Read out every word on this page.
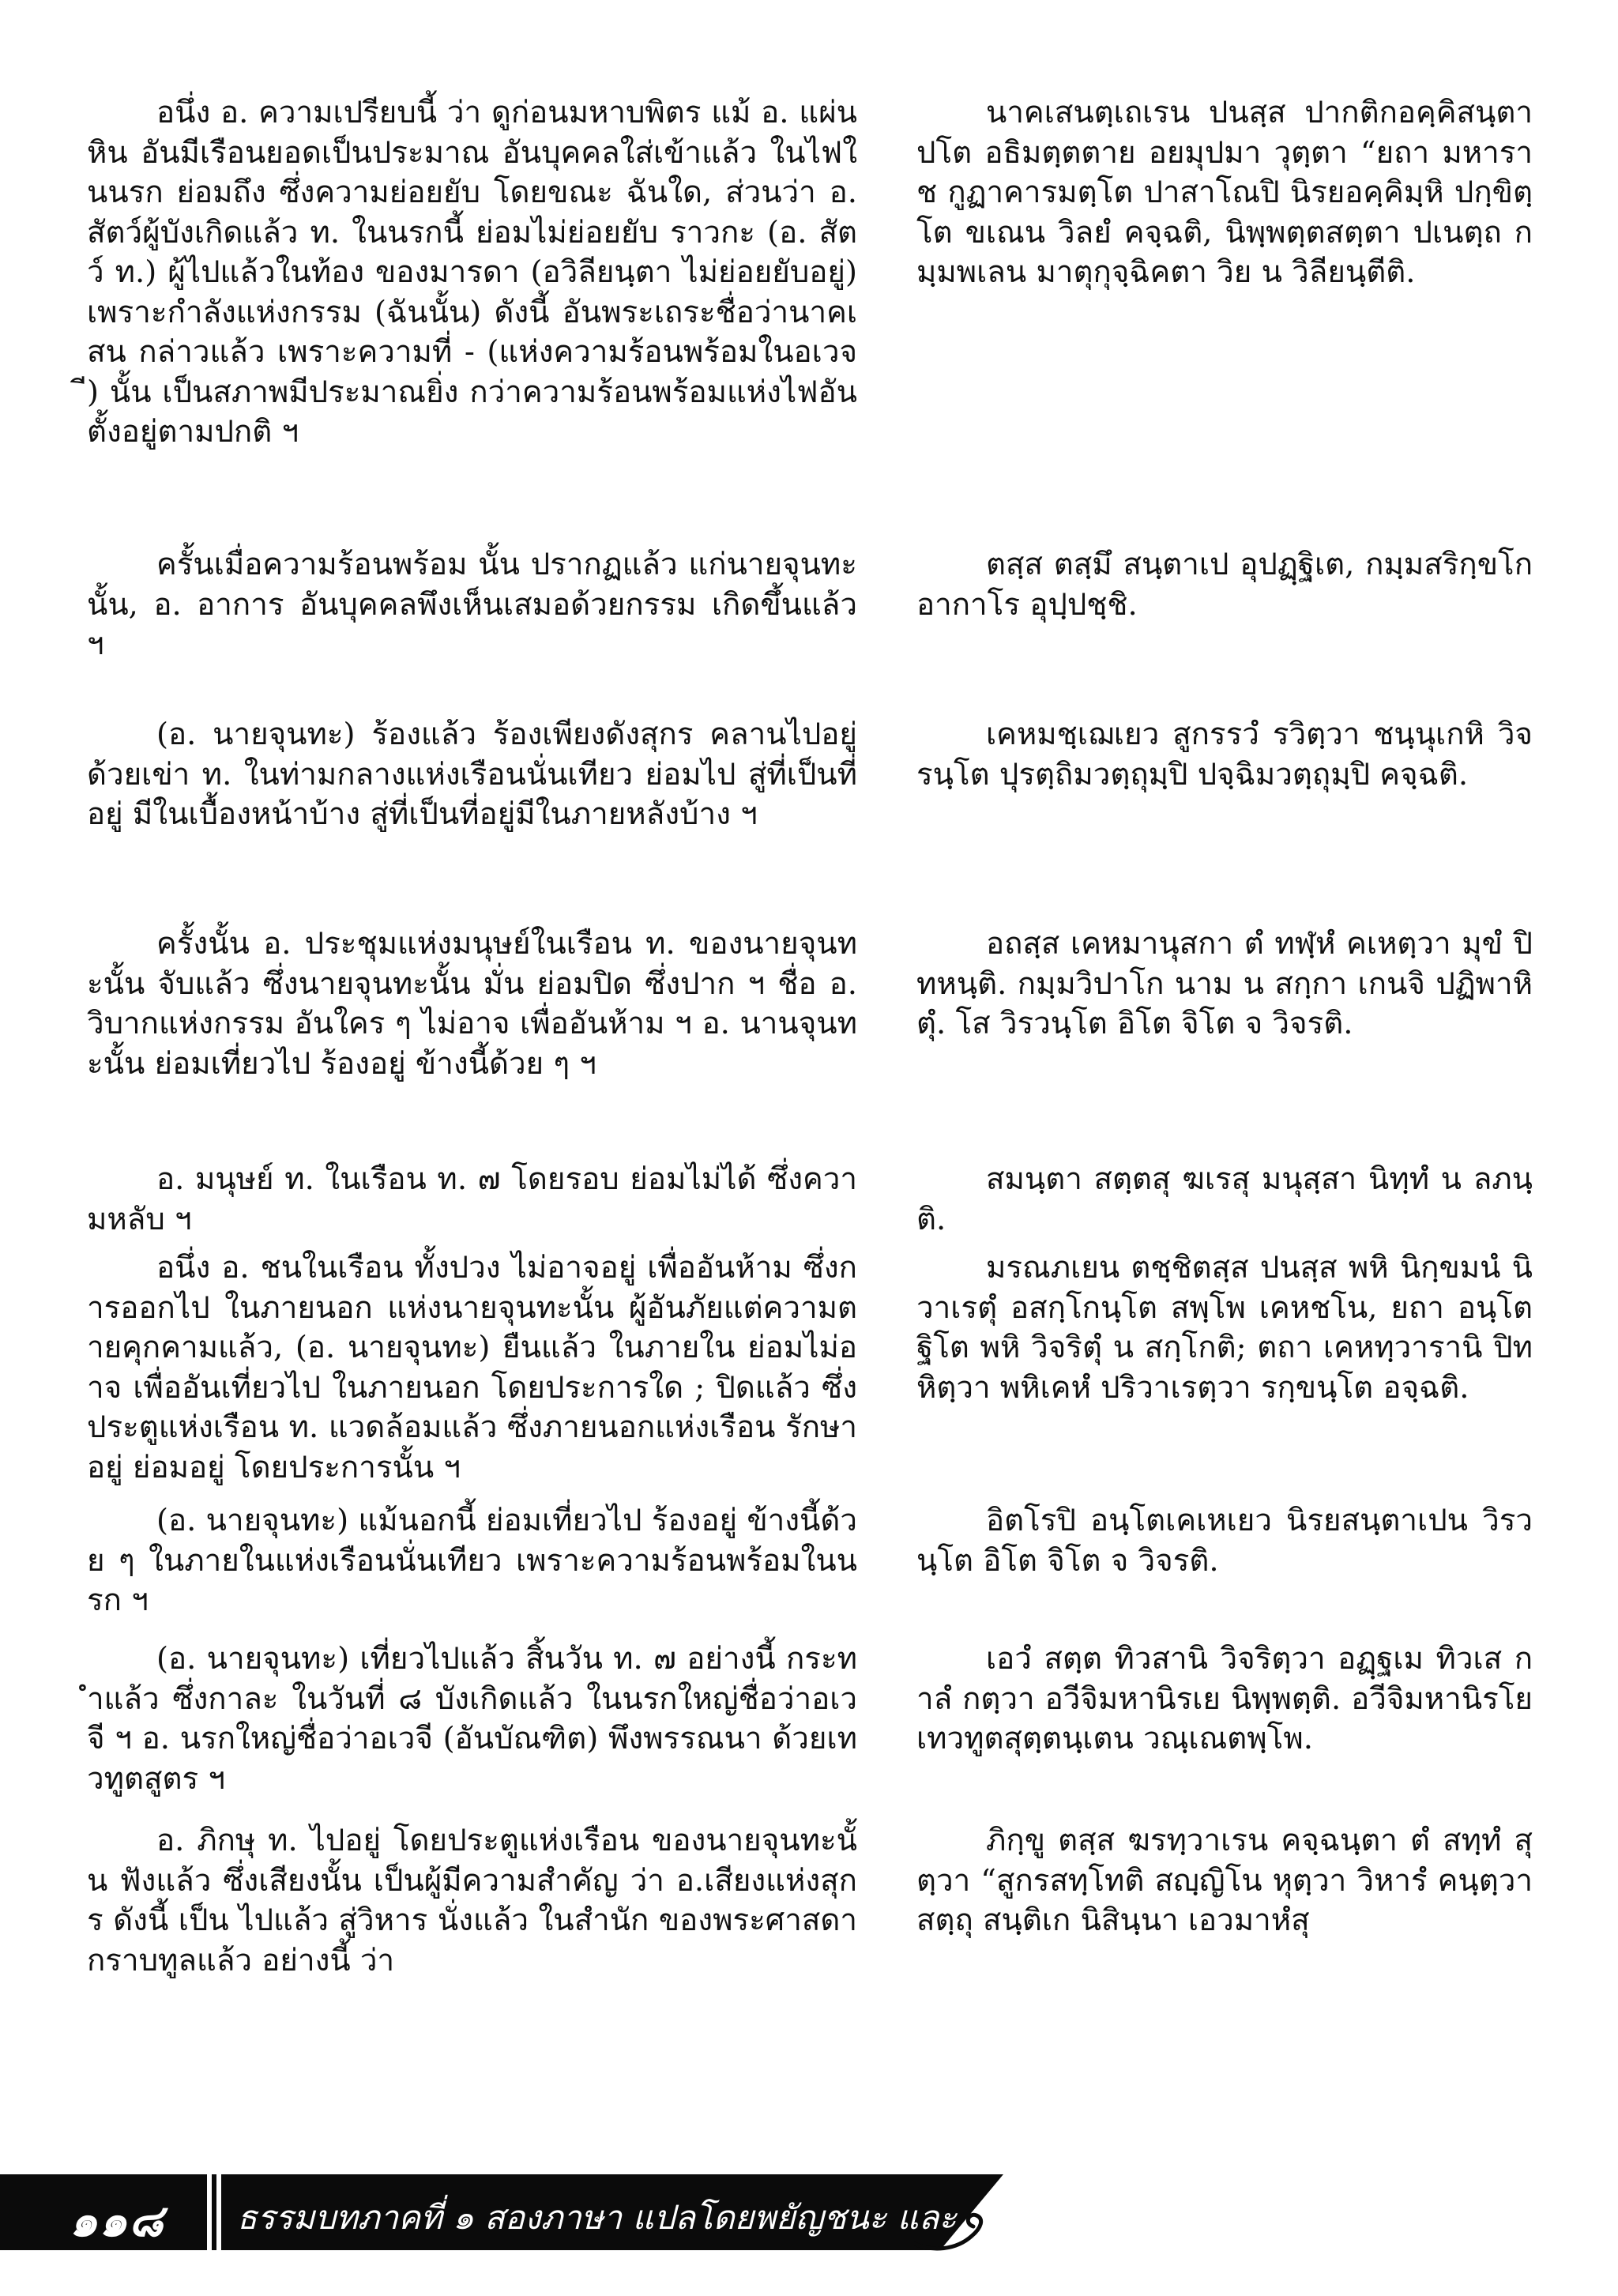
อนึ่ง อ. ความเปรียบนี้ ว่า ดูก่อนมหาบพิตร แม้ อ. แผ่นหิน อันมีเรือนยอดเป็นประมาณ อันบุคคลใส่เข้าแล้ว ในไฟในนรก ย่อมถึง ซึ่งความย่อยยับ โดยขณะ ฉันใด, ส่วนว่า อ. สัตว์ผู้บังเกิดแล้ว ท. ในนรกนี้ ย่อมไม่ย่อยยับ ราวกะ (อ. สัตว์ ท.) ผู้ไปแล้วในท้อง ของมารดา (อวิลียนฺตา ไม่ย่อยยับอยู่) เพราะกำลังแห่งกรรม (ฉันนั้น) ดังนี้ อันพระเถระชื่อว่านาคเสน กล่าวแล้ว เพราะความที่ - (แห่งความร้อนพร้อมในอเวจี) นั้น เป็นสภาพมีประมาณยิ่ง กว่าความร้อนพร้อมแห่งไฟอันตั้งอยู่ตามปกติ ฯ

นาคเสนตฺเถเรน ปนสฺส ปากติกอคฺคิสนฺตาปโต อธิมตฺตตาย อยมุปมา วุตฺตา “ยถา มหาราช กูฏาคารมตฺโต ปาสาโณปิ นิรยอคฺคิมฺหิ ปกฺขิตฺโต ขเณน วิลยํ คจฺฉติ, นิพฺพตฺตสตฺตา ปเนตฺถ กมฺมพเลน มาตุกุจฺฉิคตา วิย น วิลียนฺตีติ.

ครั้นเมื่อความร้อนพร้อม นั้น ปรากฏแล้ว แก่นายจุนทะนั้น, อ. อาการ อันบุคคลพึงเห็นเสมอด้วยกรรม เกิดขึ้นแล้ว ฯ

ตสฺส ตสฺมึ สนฺตาเป อุปฏฺฐิเต, กมฺมสริกฺขโก อากาโร อุปฺปชฺชิ.

(อ. นายจุนทะ) ร้องแล้ว ร้องเพียงดังสุกร คลานไปอยู่ ด้วยเข่า ท. ในท่ามกลางแห่งเรือนนั่นเทียว ย่อมไป สู่ที่เป็นที่อยู่ มีในเบื้องหน้าบ้าง สู่ที่เป็นที่อยู่มีในภายหลังบ้าง ฯ

เคหมชฺเฌเยว สูกรรวํ รวิตฺวา ชนฺนุเกหิ วิจรนฺโต ปุรตฺถิมวตฺถุมฺปิ ปจฺฉิมวตฺถุมฺปิ คจฺฉติ.

ครั้งนั้น อ. ประชุมแห่งมนุษย์ในเรือน ท. ของนายจุนทะนั้น จับแล้ว ซึ่งนายจุนทะนั้น มั่น ย่อมปิด ซึ่งปาก ฯ ชื่อ อ. วิบากแห่งกรรม อันใคร ๆ ไม่อาจ เพื่ออันห้าม ฯ อ. นานจุนทะนั้น ย่อมเที่ยวไป ร้องอยู่ ข้างนี้ด้วย ๆ ฯ

อถสฺส เคหมานุสกา ตํ ทฬฺหํ คเหตฺวา มุขํ ปิทหนฺติ. กมฺมวิปาโก นาม น สกฺกา เกนจิ ปฏิพาหิตุํ. โส วิรวนฺโต อิโต จิโต จ วิจรติ.

อ. มนุษย์ ท. ในเรือน ท. ๗ โดยรอบ ย่อมไม่ได้ ซึ่งความหลับ ฯ

สมนฺตา สตฺตสุ ฆเรสุ มนุสฺสา นิทฺทํ น ลภนฺติ.

อนึ่ง อ. ชนในเรือน ทั้งปวง ไม่อาจอยู่ เพื่ออันห้าม ซึ่งการออกไป ในภายนอก แห่งนายจุนทะนั้น ผู้อันภัยแต่ความตายคุกคามแล้ว, (อ. นายจุนทะ) ยืนแล้ว ในภายใน ย่อมไม่อาจ เพื่ออันเที่ยวไป ในภายนอก โดยประการใด ; ปิดแล้ว ซึ่งประตูแห่งเรือน ท. แวดล้อมแล้ว ซึ่งภายนอกแห่งเรือน รักษาอยู่ ย่อมอยู่ โดยประการนั้น ฯ

มรณภเยน ตชฺชิตสฺส ปนสฺส พหิ นิกฺขมนํ นิวาเรตุํ อสกฺโกนฺโต สพฺโพ เคหชโน, ยถา อนฺโต ฐิโต พหิ วิจริตุํ น สกฺโกติ; ตถา เคหทฺวารานิ ปิทหิตฺวา พหิเคหํ ปริวาเรตฺวา รกฺขนฺโต อจฺฉติ.

(อ. นายจุนทะ) แม้นอกนี้ ย่อมเที่ยวไป ร้องอยู่ ข้างนี้ด้วย ๆ ในภายในแห่งเรือนนั่นเทียว เพราะความร้อนพร้อมในนรก ฯ

อิตโรปิ อนฺโตเคเหเยว นิรยสนฺตาเปน วิรวนฺโต อิโต จิโต จ วิจรติ.

(อ. นายจุนทะ) เที่ยวไปแล้ว สิ้นวัน ท. ๗ อย่างนี้ กระทำแล้ว ซึ่งกาละ ในวันที่ ๘ บังเกิดแล้ว ในนรกใหญ่ชื่อว่าอเวจี ฯ อ. นรกใหญ่ชื่อว่าอเวจี (อันบัณฑิต) พึงพรรณนา ด้วยเทวทูตสูตร ฯ

เอวํ สตฺต ทิวสานิ วิจริตฺวา อฏฺฐเม ทิวเส กาลํ กตฺวา อวีจิมหานิรเย นิพฺพตฺติ. อวีจิมหานิรโย เทวทูตสุตฺตนฺเตน วณฺเณตพฺโพ.

อ. ภิกษุ ท. ไปอยู่ โดยประตูแห่งเรือน ของนายจุนทะนั้น ฟังแล้ว ซึ่งเสียงนั้น เป็นผู้มีความสำคัญ ว่า อ.เสียงแห่งสุกร ดังนี้ เป็น ไปแล้ว สู่วิหาร นั่งแล้ว ในสำนัก ของพระศาสดา กราบทูลแล้ว อย่างนี้ ว่า

ภิกฺขู ตสฺส ฆรทฺวาเรน คจฺฉนฺตา ตํ สทฺทํ สุตฺวา “สูกรสทฺโทติ สญฺญิโน หุตฺวา วิหารํ คนฺตฺวา สตฺถุ สนฺติเก นิสินฺนา เอวมาหํสุ

๑๑๘ ธรรมบทภาคที่ ๑ สองภาษา แปลโดยพยัญชนะ และ บาลี
